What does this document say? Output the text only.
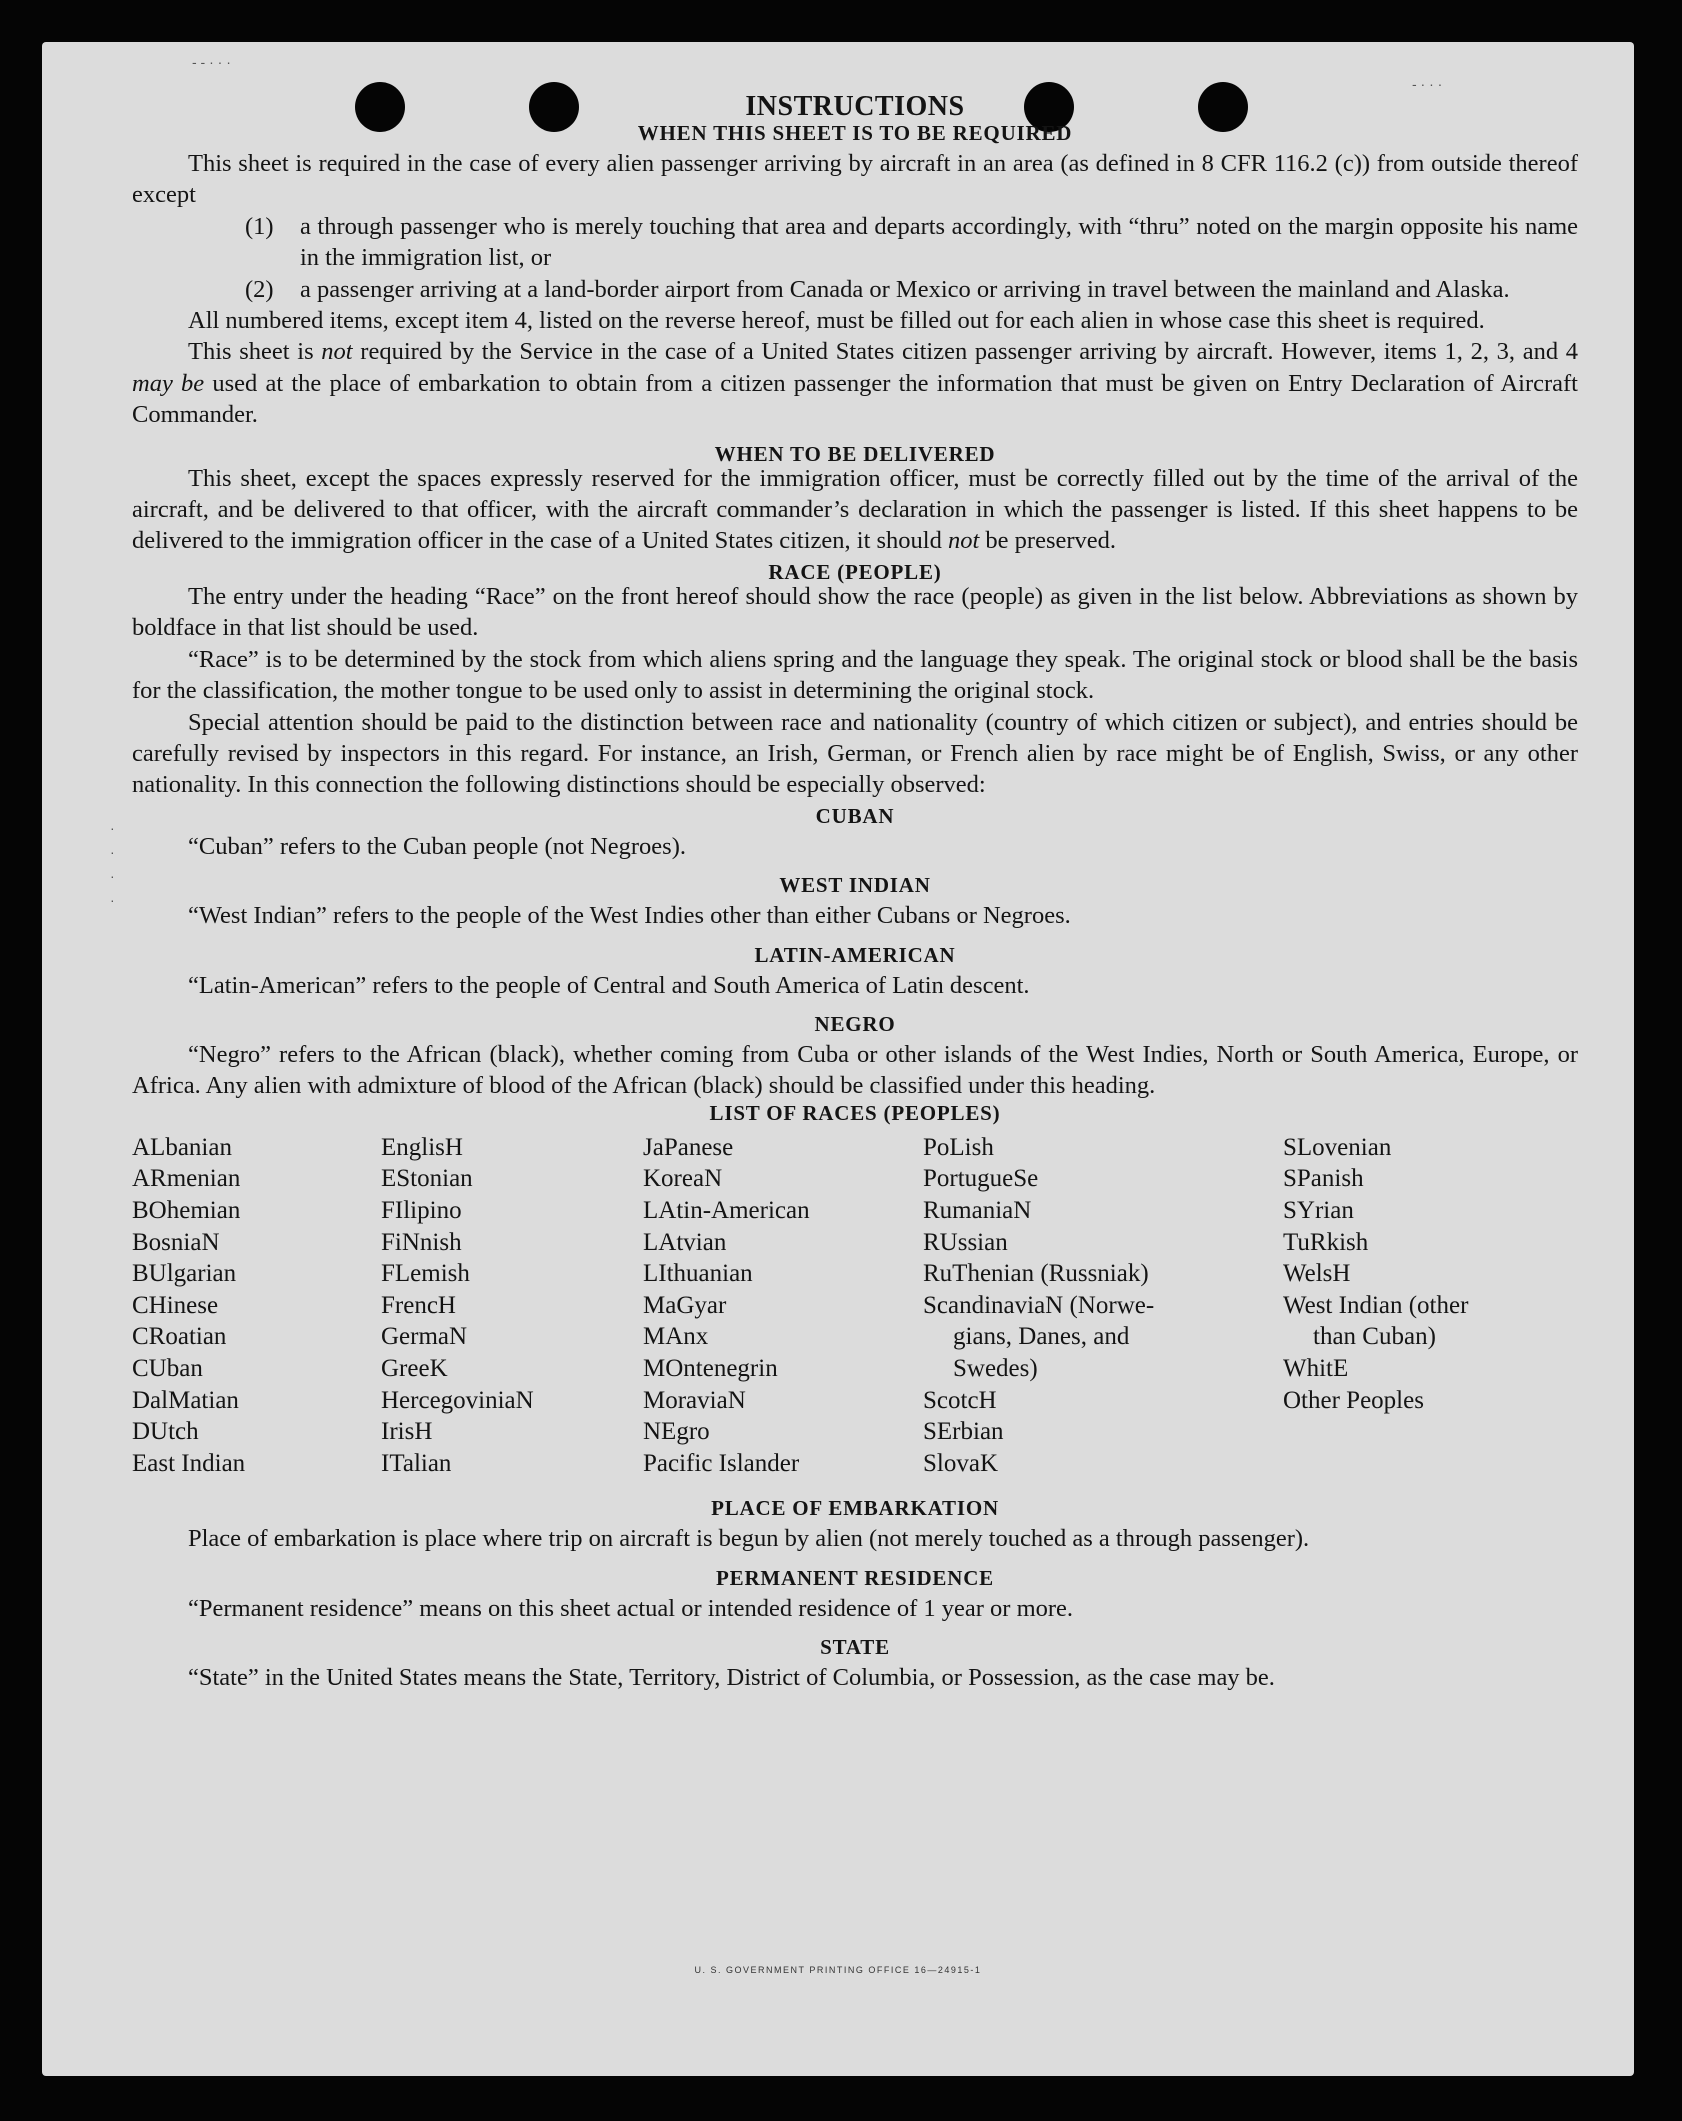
·
·
·
·
‐ ‐ · · ·
‐ · · ·
INSTRUCTIONS
WHEN THIS SHEET IS TO BE REQUIRED

This sheet is required in the case of every alien passenger arriving by aircraft in an area (as defined in 8 CFR 116.2 (c)) from outside thereof except

(1)	a through passenger who is merely touching that area and departs accordingly, with “thru” noted on the margin opposite his name in the immigration list, or
(2)	a passenger arriving at a land-border airport from Canada or Mexico or arriving in travel between the mainland and Alaska.

All numbered items, except item 4, listed on the reverse hereof, must be filled out for each alien in whose case this sheet is required.

This sheet is not required by the Service in the case of a United States citizen passenger arriving by aircraft. However, items 1, 2, 3, and 4 may be used at the place of embarkation to obtain from a citizen passenger the information that must be given on Entry Declaration of Aircraft Commander.

WHEN TO BE DELIVERED

This sheet, except the spaces expressly reserved for the immigration officer, must be correctly filled out by the time of the arrival of the aircraft, and be delivered to that officer, with the aircraft commander’s declaration in which the passenger is listed. If this sheet happens to be delivered to the immigration officer in the case of a United States citizen, it should not be preserved.

RACE (PEOPLE)

The entry under the heading “Race” on the front hereof should show the race (people) as given in the list below. Abbreviations as shown by boldface in that list should be used.

“Race” is to be determined by the stock from which aliens spring and the language they speak. The original stock or blood shall be the basis for the classification, the mother tongue to be used only to assist in determining the original stock.

Special attention should be paid to the distinction between race and nationality (country of which citizen or subject), and entries should be carefully revised by inspectors in this regard. For instance, an Irish, German, or French alien by race might be of English, Swiss, or any other nationality. In this connection the following distinctions should be especially observed:

CUBAN

“Cuban” refers to the Cuban people (not Negroes).

WEST INDIAN

“West Indian” refers to the people of the West Indies other than either Cubans or Negroes.

LATIN-AMERICAN

“Latin-American” refers to the people of Central and South America of Latin descent.

NEGRO

“Negro” refers to the African (black), whether coming from Cuba or other islands of the West Indies, North or South America, Europe, or Africa. Any alien with admixture of blood of the African (black) should be classified under this heading.

LIST OF RACES (PEOPLES)
ALbanian
ARmenian
BOhemian
BosniaN
BUlgarian
CHinese
CRoatian
CUban
DalMatian
DUtch
East Indian
EnglisH
EStonian
FIlipino
FiNnish
FLemish
FrencH
GermaN
GreeK
HercegoviniaN
IrisH
ITalian
JaPanese
KoreaN
LAtin-American
LAtvian
LIthuanian
MaGyar
MAnx
MOntenegrin
MoraviaN
NEgro
Pacific Islander
PoLish
PortugueSe
RumaniaN
RUssian
RuThenian (Russniak)
ScandinaviaN (Norwe-
gians, Danes, and
Swedes)
ScotcH
SErbian
SlovaK
SLovenian
SPanish
SYrian
TuRkish
WelsH
West Indian (other
than Cuban)
WhitE
Other Peoples
PLACE OF EMBARKATION

Place of embarkation is place where trip on aircraft is begun by alien (not merely touched as a through passenger).

PERMANENT RESIDENCE

“Permanent residence” means on this sheet actual or intended residence of 1 year or more.

STATE

“State” in the United States means the State, Territory, District of Columbia, or Possession, as the case may be.

U. S. GOVERNMENT PRINTING OFFICE 16—24915-1
